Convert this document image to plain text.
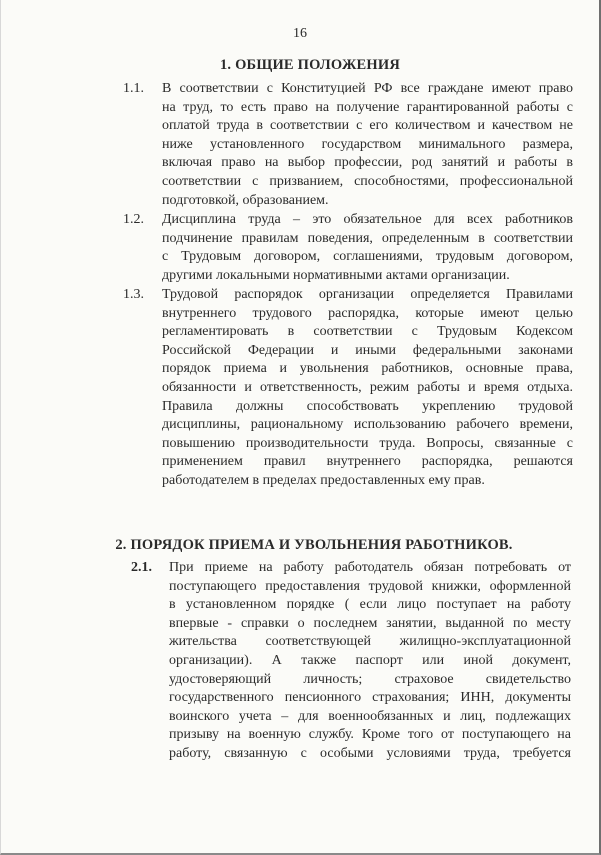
16
1. ОБЩИЕ ПОЛОЖЕНИЯ
1.1. В соответствии с Конституцией РФ все граждане имеют право
на труд, то есть право на получение гарантированной работы с
оплатой труда в соответствии с его количеством и качеством не
ниже установленного государством минимального размера,
включая право на выбор профессии, род занятий и работы в
соответствии с призванием, способностями, профессиональной
подготовкой, образованием.
1.2. Дисциплина труда – это обязательное для всех работников
подчинение правилам поведения, определенным в соответствии
с Трудовым договором, соглашениями, трудовым договором,
другими локальными нормативными актами организации.
1.3. Трудовой распорядок организации определяется Правилами
внутреннего трудового распорядка, которые имеют целью
регламентировать в соответствии с Трудовым Кодексом
Российской Федерации и иными федеральными законами
порядок приема и увольнения работников, основные права,
обязанности и ответственность, режим работы и время отдыха.
Правила должны способствовать укреплению трудовой
дисциплины, рациональному использованию рабочего времени,
повышению производительности труда. Вопросы, связанные с
применением правил внутреннего распорядка, решаются
работодателем в пределах предоставленных ему прав.
2. ПОРЯДОК ПРИЕМА И УВОЛЬНЕНИЯ РАБОТНИКОВ.
2.1. При приеме на работу работодатель обязан потребовать от
поступающего предоставления трудовой книжки, оформленной
в установленном порядке ( если лицо поступает на работу
впервые - справки о последнем занятии, выданной по месту
жительства соответствующей жилищно-эксплуатационной
организации). А также паспорт или иной документ,
удостоверяющий личность; страховое свидетельство
государственного пенсионного страхования; ИНН, документы
воинского учета – для военнообязанных и лиц, подлежащих
призыву на военную службу. Кроме того от поступающего на
работу, связанную с особыми условиями труда, требуется
